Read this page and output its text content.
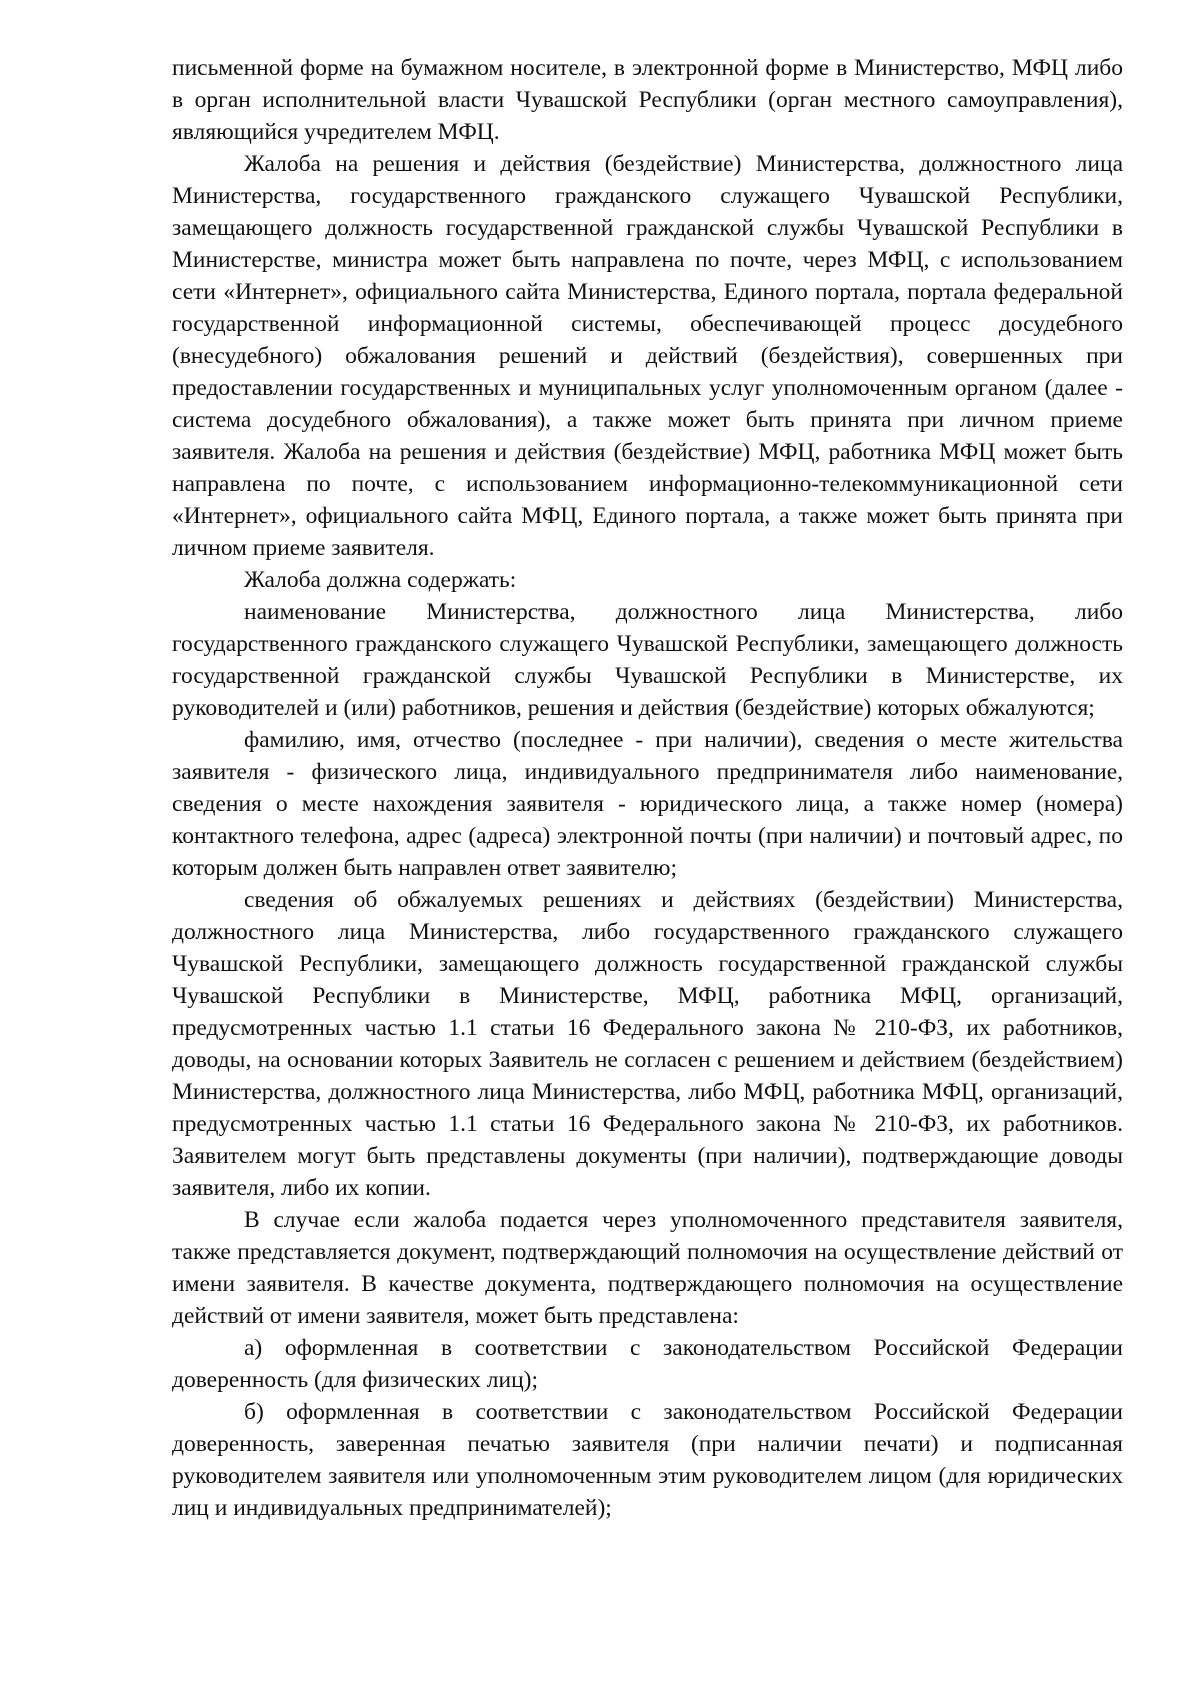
письменной форме на бумажном носителе, в электронной форме в Министерство, МФЦ либо в орган исполнительной власти Чувашской Республики (орган местного самоуправления), являющийся учредителем МФЦ.

Жалоба на решения и действия (бездействие) Министерства, должностного лица Министерства, государственного гражданского служащего Чувашской Республики, замещающего должность государственной гражданской службы Чувашской Республики в Министерстве, министра может быть направлена по почте, через МФЦ, с использованием сети «Интернет», официального сайта Министерства, Единого портала, портала федеральной государственной информационной системы, обеспечивающей процесс досудебного (внесудебного) обжалования решений и действий (бездействия), совершенных при предоставлении государственных и муниципальных услуг уполномоченным органом (далее - система досудебного обжалования), а также может быть принята при личном приеме заявителя. Жалоба на решения и действия (бездействие) МФЦ, работника МФЦ может быть направлена по почте, с использованием информационно-телекоммуникационной сети «Интернет», официального сайта МФЦ, Единого портала, а также может быть принята при личном приеме заявителя.

Жалоба должна содержать:

наименование Министерства, должностного лица Министерства, либо государственного гражданского служащего Чувашской Республики, замещающего должность государственной гражданской службы Чувашской Республики в Министерстве, их руководителей и (или) работников, решения и действия (бездействие) которых обжалуются;

фамилию, имя, отчество (последнее - при наличии), сведения о месте жительства заявителя - физического лица, индивидуального предпринимателя либо наименование, сведения о месте нахождения заявителя - юридического лица, а также номер (номера) контактного телефона, адрес (адреса) электронной почты (при наличии) и почтовый адрес, по которым должен быть направлен ответ заявителю;

сведения об обжалуемых решениях и действиях (бездействии) Министерства, должностного лица Министерства, либо государственного гражданского служащего Чувашской Республики, замещающего должность государственной гражданской службы Чувашской Республики в Министерстве, МФЦ, работника МФЦ, организаций, предусмотренных частью 1.1 статьи 16 Федерального закона № 210-ФЗ, их работников, доводы, на основании которых Заявитель не согласен с решением и действием (бездействием) Министерства, должностного лица Министерства, либо МФЦ, работника МФЦ, организаций, предусмотренных частью 1.1 статьи 16 Федерального закона № 210-ФЗ, их работников. Заявителем могут быть представлены документы (при наличии), подтверждающие доводы заявителя, либо их копии.

В случае если жалоба подается через уполномоченного представителя заявителя, также представляется документ, подтверждающий полномочия на осуществление действий от имени заявителя. В качестве документа, подтверждающего полномочия на осуществление действий от имени заявителя, может быть представлена:

а) оформленная в соответствии с законодательством Российской Федерации доверенность (для физических лиц);

б) оформленная в соответствии с законодательством Российской Федерации доверенность, заверенная печатью заявителя (при наличии печати) и подписанная руководителем заявителя или уполномоченным этим руководителем лицом (для юридических лиц и индивидуальных предпринимателей);
